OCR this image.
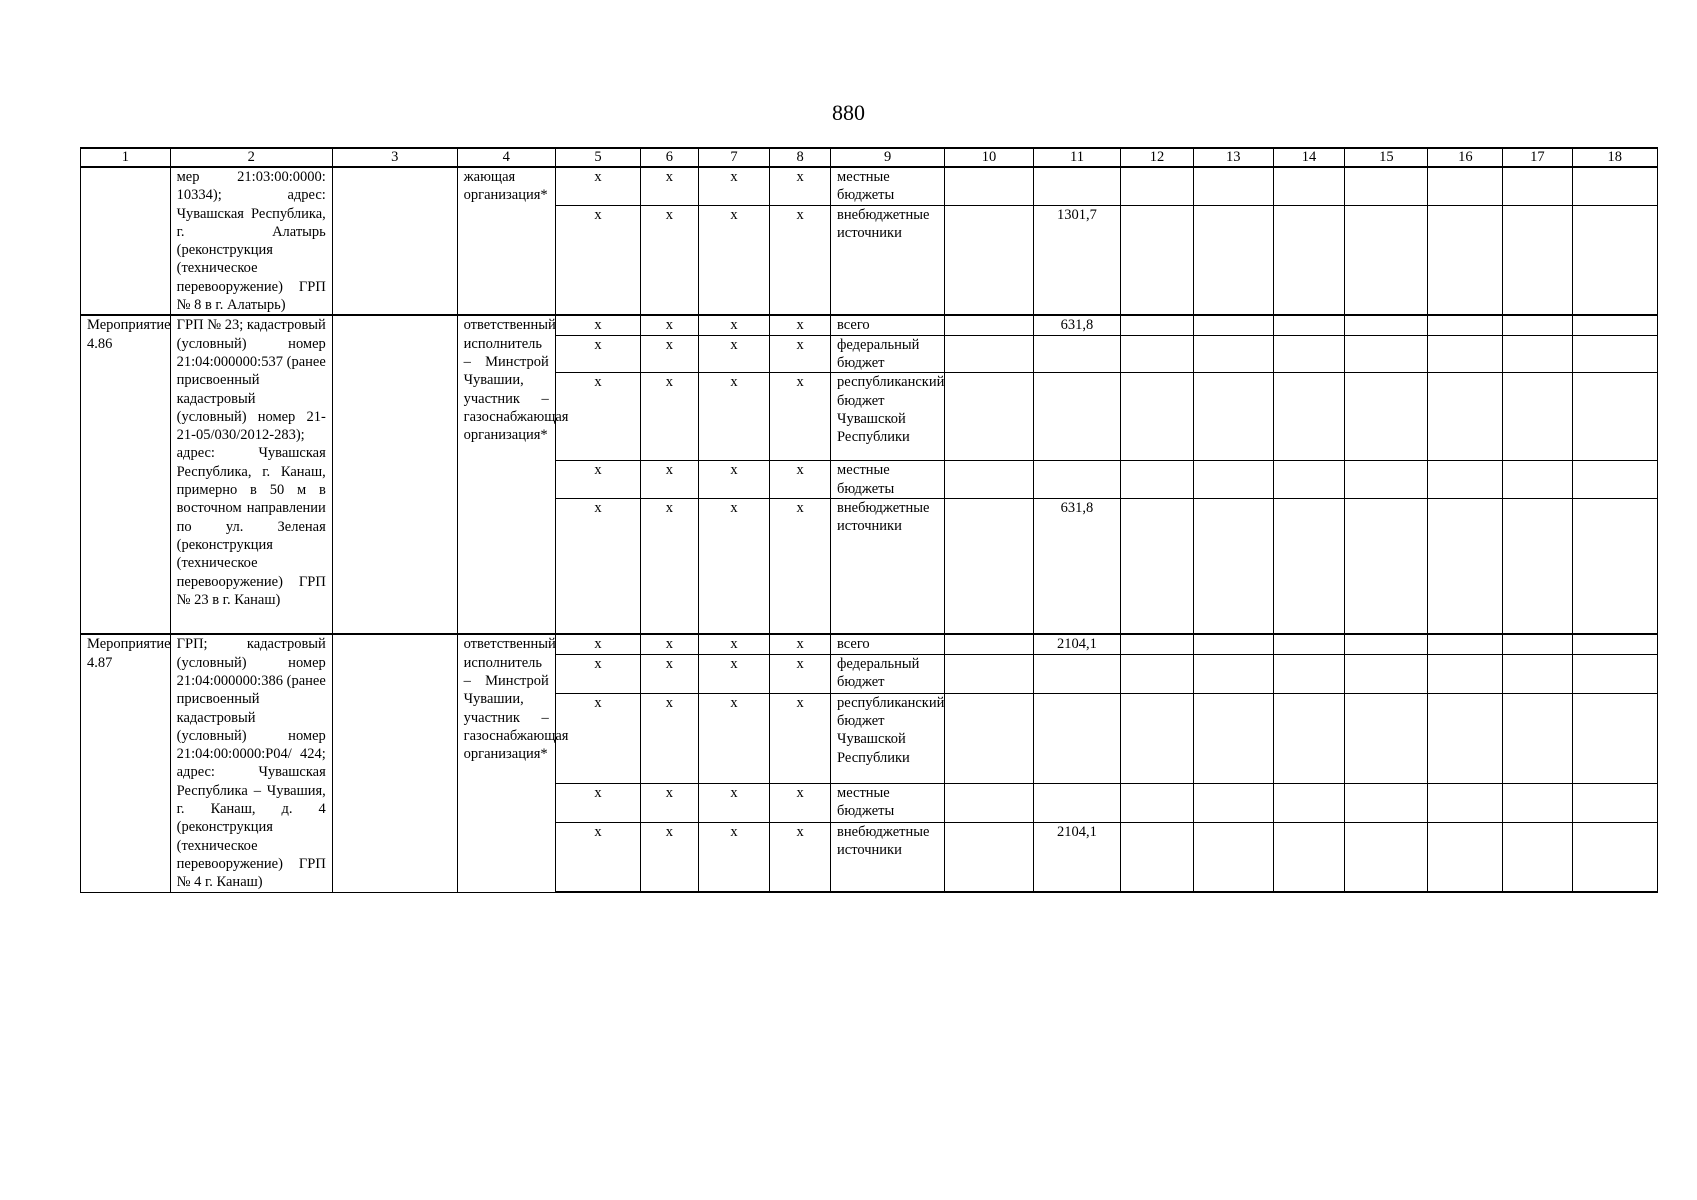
880
1	2	3	4	5	6	7	8	9	10	11	12	13	14	15	16	17	18
	мер 21:03:00:0000: 10334); адрес: Чувашская Республика, г. Алатырь (реконструкция (техническое перевооружение) ГРП № 8 в г. Алатырь)		жающая организация*	x	x	x	x	местные бюджеты									
				x	x	x	x	внебюджетные источники		1301,7							
Мероприятие 4.86	ГРП № 23; кадастровый (условный) номер 21:04:000000:537 (ранее присвоенный кадастровый (условный) номер 21-21-05/030/2012-283); адрес: Чувашская Республика, г. Канаш, примерно в 50 м в восточном направлении по ул. Зеленая (реконструкция (техническое перевооружение) ГРП № 23 в г. Канаш)		ответственный исполнитель – Минстрой Чувашии, участник – газоснабжающая организация*	x	x	x	x	всего		631,8							
				x	x	x	x	федеральный бюджет									
				x	x	x	x	республиканский бюджет Чувашской Республики									
				x	x	x	x	местные бюджеты									
				x	x	x	x	внебюджетные источники		631,8							
Мероприятие 4.87	ГРП; кадастровый (условный) номер 21:04:000000:386 (ранее присвоенный кадастровый (условный) номер 21:04:00:0000:Р04/ 424; адрес: Чувашская Республика – Чувашия, г. Канаш, д. 4 (реконструкция (техническое перевооружение) ГРП № 4 г. Канаш)		ответственный исполнитель – Минстрой Чувашии, участник – газоснабжающая организация*	x	x	x	x	всего		2104,1							
				x	x	x	x	федеральный бюджет									
				x	x	x	x	республиканский бюджет Чувашской Республики									
				x	x	x	x	местные бюджеты									
				x	x	x	x	внебюджетные источники		2104,1							
